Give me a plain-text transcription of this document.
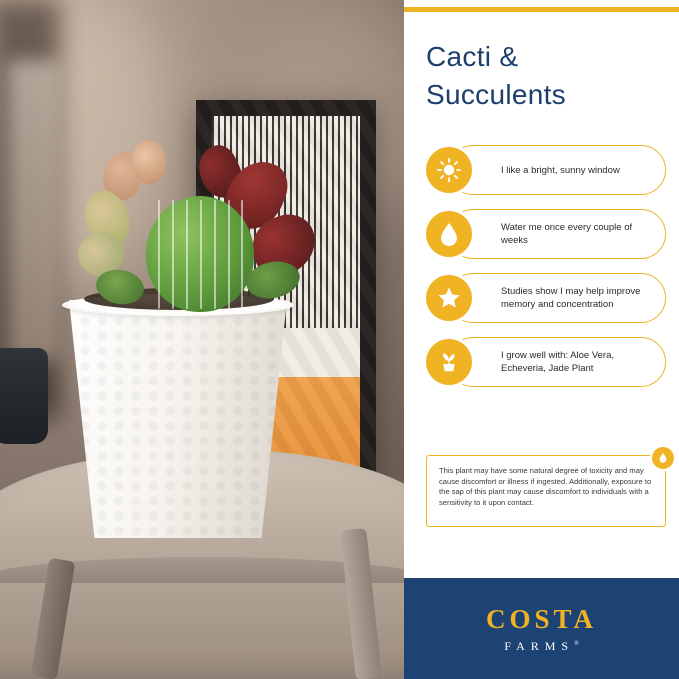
Cacti &
Succulents
I like a bright, sunny window
Water me once every couple of weeks
Studies show I may help improve memory and concentration
I grow well with: Aloe Vera, Echeveria, Jade Plant
This plant may have some natural degree of toxicity and may cause discomfort or illness if ingested. Additionally, exposure to the sap of this plant may cause discomfort to individuals with a sensitivity to it upon contact.
COSTA
FARMS®
